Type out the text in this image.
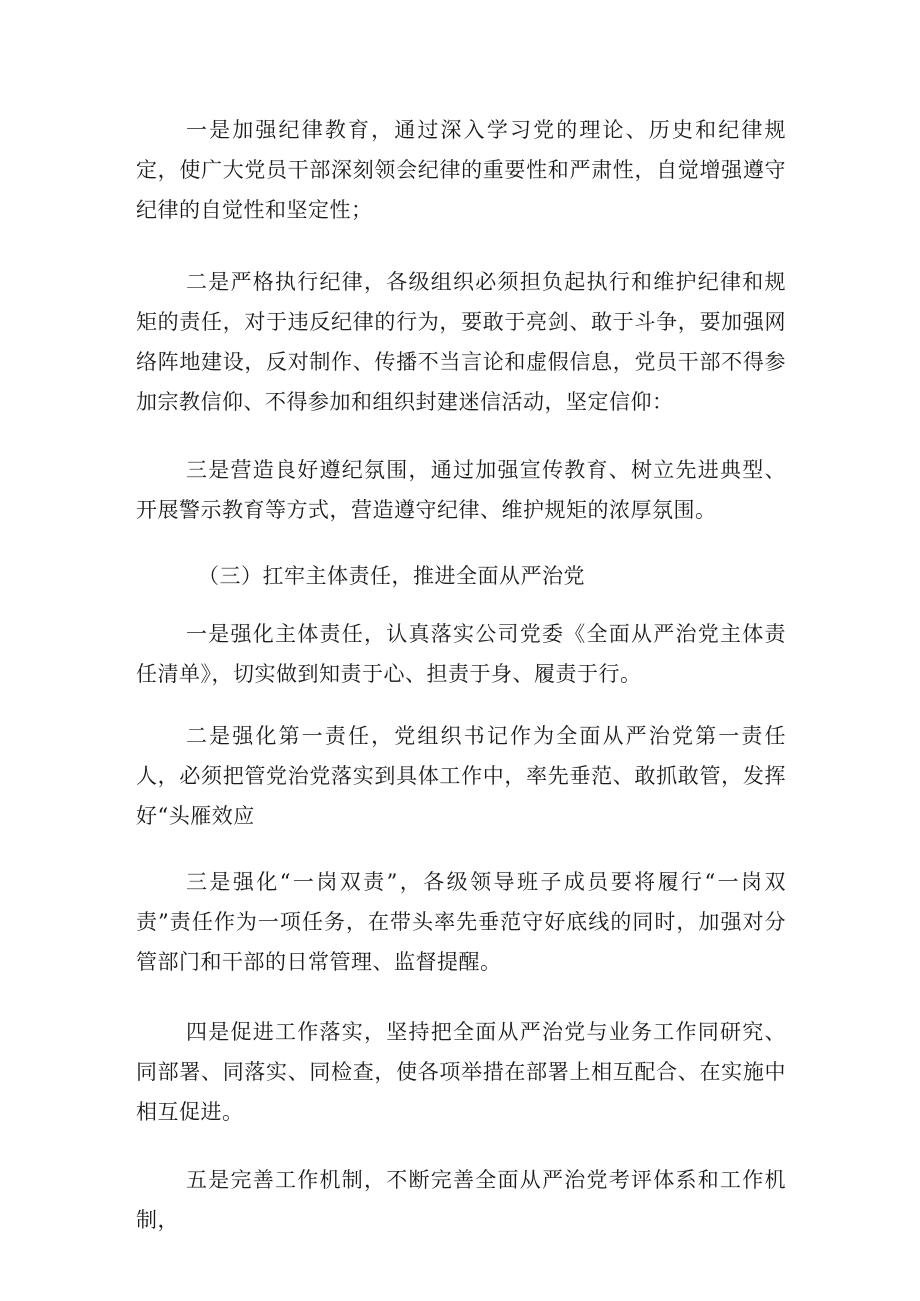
一是加强纪律教育，通过深入学习党的理论、历史和纪律规定，使广大党员干部深刻领会纪律的重要性和严肃性，自觉增强遵守纪律的自觉性和坚定性；

二是严格执行纪律，各级组织必须担负起执行和维护纪律和规矩的责任，对于违反纪律的行为，要敢于亮剑、敢于斗争，要加强网络阵地建设，反对制作、传播不当言论和虚假信息，党员干部不得参加宗教信仰、不得参加和组织封建迷信活动，坚定信仰：

三是营造良好遵纪氛围，通过加强宣传教育、树立先进典型、开展警示教育等方式，营造遵守纪律、维护规矩的浓厚氛围。

（三）扛牢主体责任，推进全面从严治党

一是强化主体责任，认真落实公司党委《全面从严治党主体责任清单》，切实做到知责于心、担责于身、履责于行。

二是强化第一责任，党组织书记作为全面从严治党第一责任人，必须把管党治党落实到具体工作中，率先垂范、敢抓敢管，发挥好“头雁效应

三是强化“一岗双责”，各级领导班子成员要将履行“一岗双责”责任作为一项任务，在带头率先垂范守好底线的同时，加强对分管部门和干部的日常管理、监督提醒。

四是促进工作落实，坚持把全面从严治党与业务工作同研究、同部署、同落实、同检查，使各项举措在部署上相互配合、在实施中相互促进。

五是完善工作机制，不断完善全面从严治党考评体系和工作机制，
